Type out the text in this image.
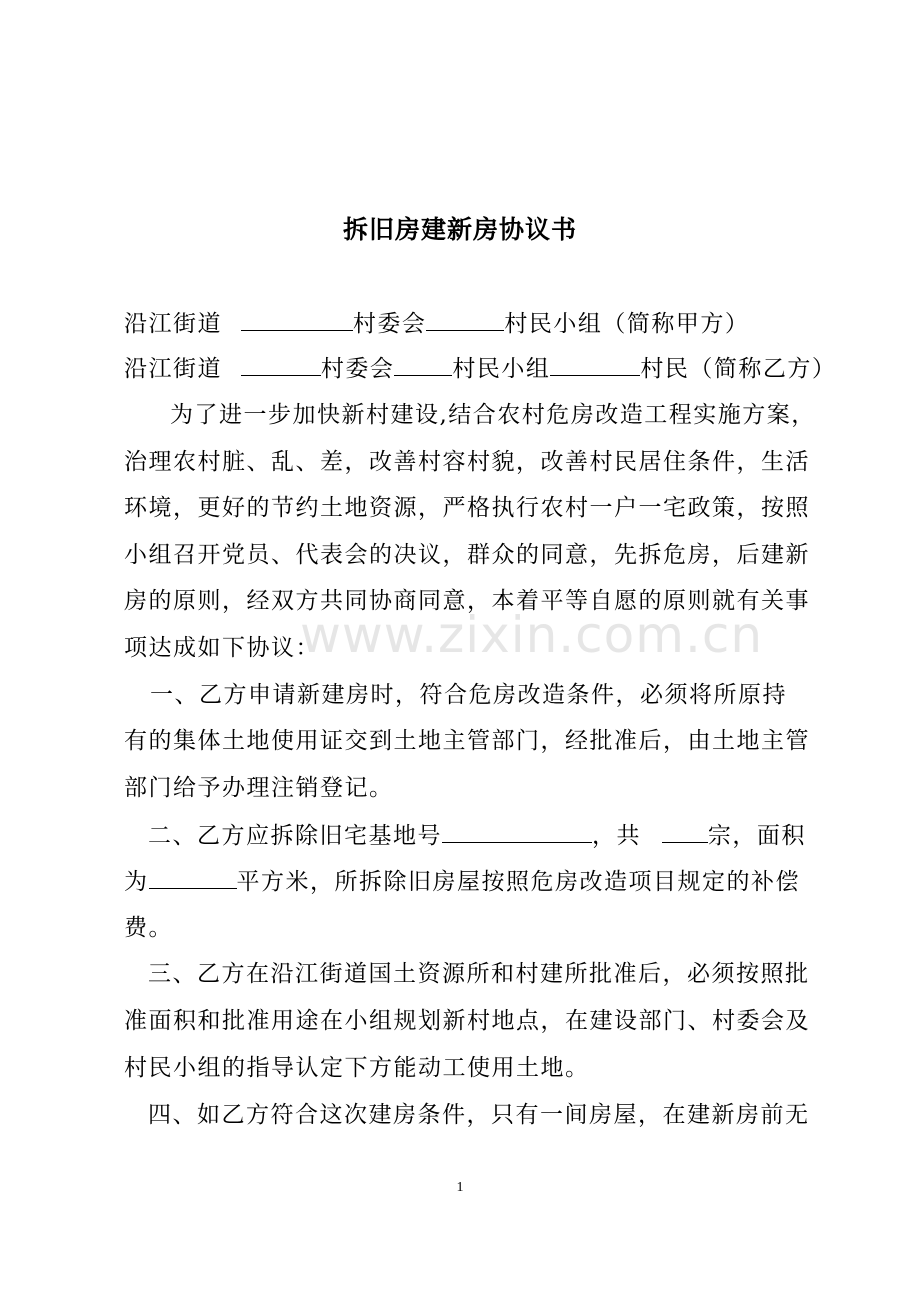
拆旧房建新房协议书
沿江街道	村委会	村民小组（简称甲方）
沿江街道	村委会	村民小组	村民（简称乙方）
为了进一步加快新村建设,结合农村危房改造工程实施方案，
治理农村脏、乱、差，改善村容村貌，改善村民居住条件，生活
环境，更好的节约土地资源，严格执行农村一户一宅政策，按照
小组召开党员、代表会的决议，群众的同意，先拆危房，后建新
房的原则，经双方共同协商同意，本着平等自愿的原则就有关事
项达成如下协议：
一、乙方申请新建房时，符合危房改造条件，必须将所原持
有的集体土地使用证交到土地主管部门，经批准后，由土地主管
部门给予办理注销登记。
二、乙方应拆除旧宅基地号	，共	宗，面积
为	平方米，所拆除旧房屋按照危房改造项目规定的补偿
费。
三、乙方在沿江街道国土资源所和村建所批准后，必须按照批
准面积和批准用途在小组规划新村地点，在建设部门、村委会及
村民小组的指导认定下方能动工使用土地。
四、如乙方符合这次建房条件，只有一间房屋，在建新房前无
www.zixin.com.cn
1
